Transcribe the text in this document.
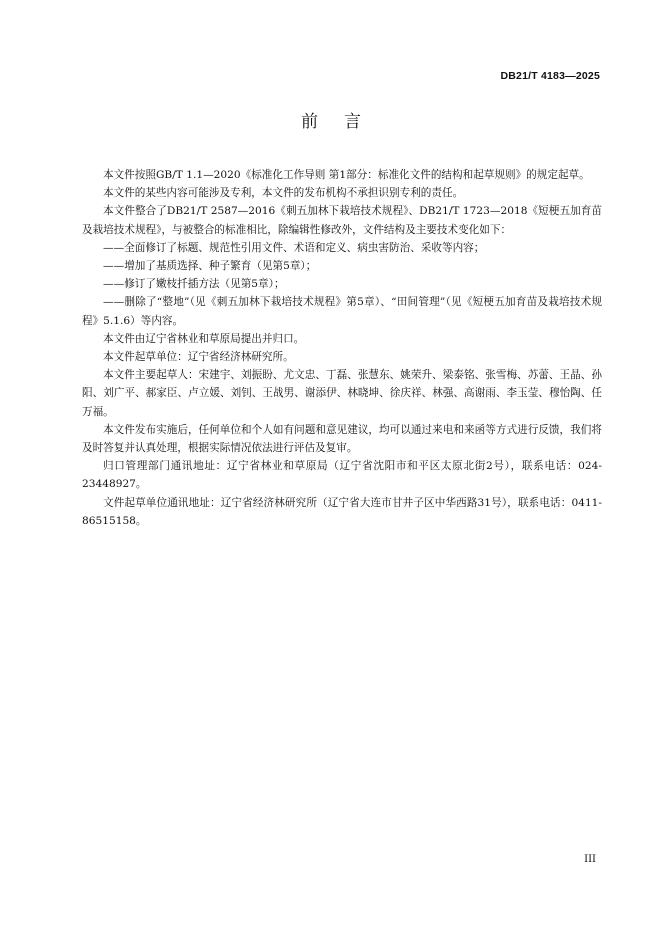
DB21/T 4183—2025
前言

本文件按照GB/T 1.1—2020《标准化工作导则 第1部分：标准化文件的结构和起草规则》的规定起草。

本文件的某些内容可能涉及专利，本文件的发布机构不承担识别专利的责任。

本文件整合了DB21/T 2587—2016《刺五加林下栽培技术规程》、DB21/T 1723—2018《短梗五加育苗及栽培技术规程》，与被整合的标准相比，除编辑性修改外，文件结构及主要技术变化如下：

——全面修订了标题、规范性引用文件、术语和定义、病虫害防治、采收等内容；

——增加了基质选择、种子繁育（见第5章）；

——修订了嫩枝扦插方法（见第5章）；

——删除了“整地”（见《刺五加林下栽培技术规程》第5章）、“田间管理”（见《短梗五加育苗及栽培技术规程》5.1.6）等内容。

本文件由辽宁省林业和草原局提出并归口。

本文件起草单位：辽宁省经济林研究所。

本文件主要起草人：宋建宇、刘振盼、尤文忠、丁磊、张慧东、姚荣升、梁泰铭、张雪梅、苏蕾、王晶、孙阳、刘广平、郝家臣、卢立媛、刘钊、王战男、谢添伊、林晓坤、徐庆祥、林强、高谢雨、李玉莹、穆怡陶、任万福。

本文件发布实施后，任何单位和个人如有问题和意见建议，均可以通过来电和来函等方式进行反馈，我们将及时答复并认真处理，根据实际情况依法进行评估及复审。

归口管理部门通讯地址：辽宁省林业和草原局（辽宁省沈阳市和平区太原北街2号），联系电话：024-23448927。

文件起草单位通讯地址：辽宁省经济林研究所（辽宁省大连市甘井子区中华西路31号），联系电话：0411-86515158。

III
